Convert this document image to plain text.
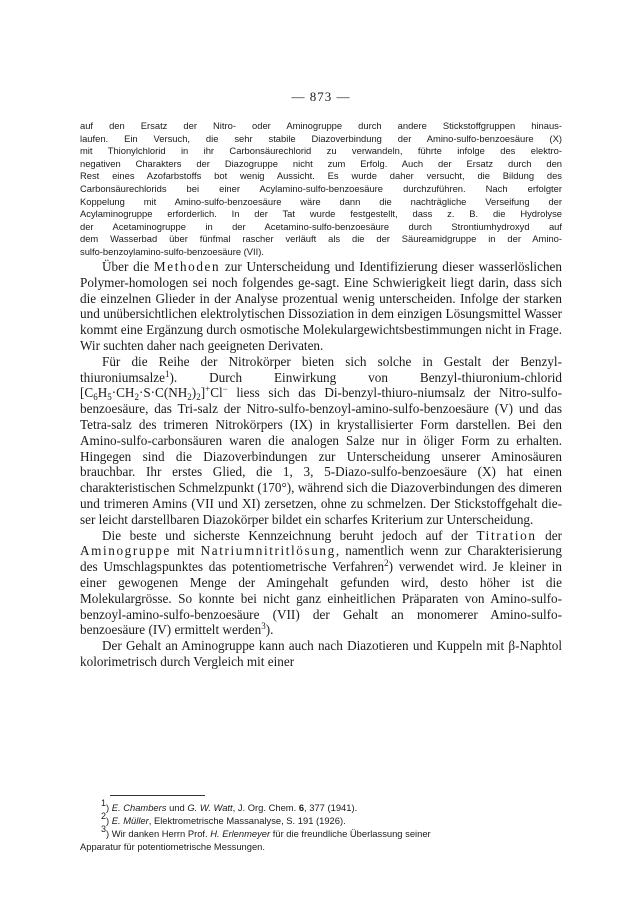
— 873 —

auf den Ersatz der Nitro- oder Aminogruppe durch andere Stickstoffgruppen hinaus-
laufen. Ein Versuch, die sehr stabile Diazoverbindung der Amino-sulfo-benzoesäure (X)
mit Thionylchlorid in ihr Carbonsäurechlorid zu verwandeln, führte infolge des elektro-
negativen Charakters der Diazogruppe nicht zum Erfolg. Auch der Ersatz durch den
Rest eines Azofarbstoffs bot wenig Aussicht. Es wurde daher versucht, die Bildung des
Carbonsäurechlorids bei einer Acylamino-sulfo-benzoesäure durchzuführen. Nach erfolgter
Koppelung mit Amino-sulfo-benzoesäure wäre dann die nachträgliche Verseifung der
Acylaminogruppe erforderlich. In der Tat wurde festgestellt, dass z. B. die Hydrolyse
der Acetaminogruppe in der Acetamino-sulfo-benzoesäure durch Strontiumhydroxyd auf
dem Wasserbad über fünfmal rascher verläuft als die der Säureamidgruppe in der Amino-
sulfo-benzoylamino-sulfo-benzoesäure (VII).

Über die Methoden zur Unterscheidung und Identifizierung dieser wasserlöslichen Polymer-homologen sei noch folgendes ge-sagt. Eine Schwierigkeit liegt darin, dass sich die einzelnen Glieder in der Analyse prozentual wenig unterscheiden. Infolge der starken und unübersichtlichen elektrolytischen Dissoziation in dem einzigen Lösungsmittel Wasser kommt eine Ergänzung durch osmotische Molekulargewichtsbestimmungen nicht in Frage. Wir suchten daher nach geeigneten Derivaten.

Für die Reihe der Nitrokörper bieten sich solche in Gestalt der Benzyl-thiuroniumsalze$^1$). Durch Einwirkung von Benzyl-thiuronium-chlorid $[C_6H_5\cdot CH_2\cdot S\cdot C(NH_2)_2]^+Cl^-$ liess sich das Di-benzyl-thiuro-niumsalz der Nitro-sulfo-benzoesäure, das Tri-salz der Nitro-sulfo-benzoyl-amino-sulfo-benzoesäure (V) und das Tetra-salz des trimeren Nitrokörpers (IX) in krystallisierter Form darstellen. Bei den Amino-sulfo-carbonsäuren waren die analogen Salze nur in öliger Form zu erhalten. Hingegen sind die Diazoverbindungen zur Unterscheidung unserer Aminosäuren brauchbar. Ihr erstes Glied, die 1, 3, 5-Diazo-sulfo-benzoesäure (X) hat einen charakteristischen Schmelzpunkt (170°), während sich die Diazoverbindungen des dimeren und trimeren Amins (VII und XI) zersetzen, ohne zu schmelzen. Der Stickstoffgehalt die-ser leicht darstellbaren Diazokörper bildet ein scharfes Kriterium zur Unterscheidung.

Die beste und sicherste Kennzeichnung beruht jedoch auf der Titration der Aminogruppe mit Natriumnitritlösung, namentlich wenn zur Charakterisierung des Umschlagspunktes das potentiometrische Verfahren$^2$) verwendet wird. Je kleiner in einer gewogenen Menge der Amingehalt gefunden wird, desto höher ist die Molekulargrösse. So konnte bei nicht ganz einheitlichen Präparaten von Amino-sulfo-benzoyl-amino-sulfo-benzoesäure (VII) der Gehalt an monomerer Amino-sulfo-benzoesäure (IV) ermittelt werden$^3$).

Der Gehalt an Aminogruppe kann auch nach Diazotieren und Kuppeln mit β-Naphtol kolorimetrisch durch Vergleich mit einer

$^1$) E. Chambers und G. W. Watt, J. Org. Chem. 6, 377 (1941).

$^2$) E. Müller, Elektrometrische Massanalyse, S. 191 (1926).

$^3$) Wir danken Herrn Prof. H. Erlenmeyer für die freundliche Überlassung seiner

Apparatur für potentiometrische Messungen.
